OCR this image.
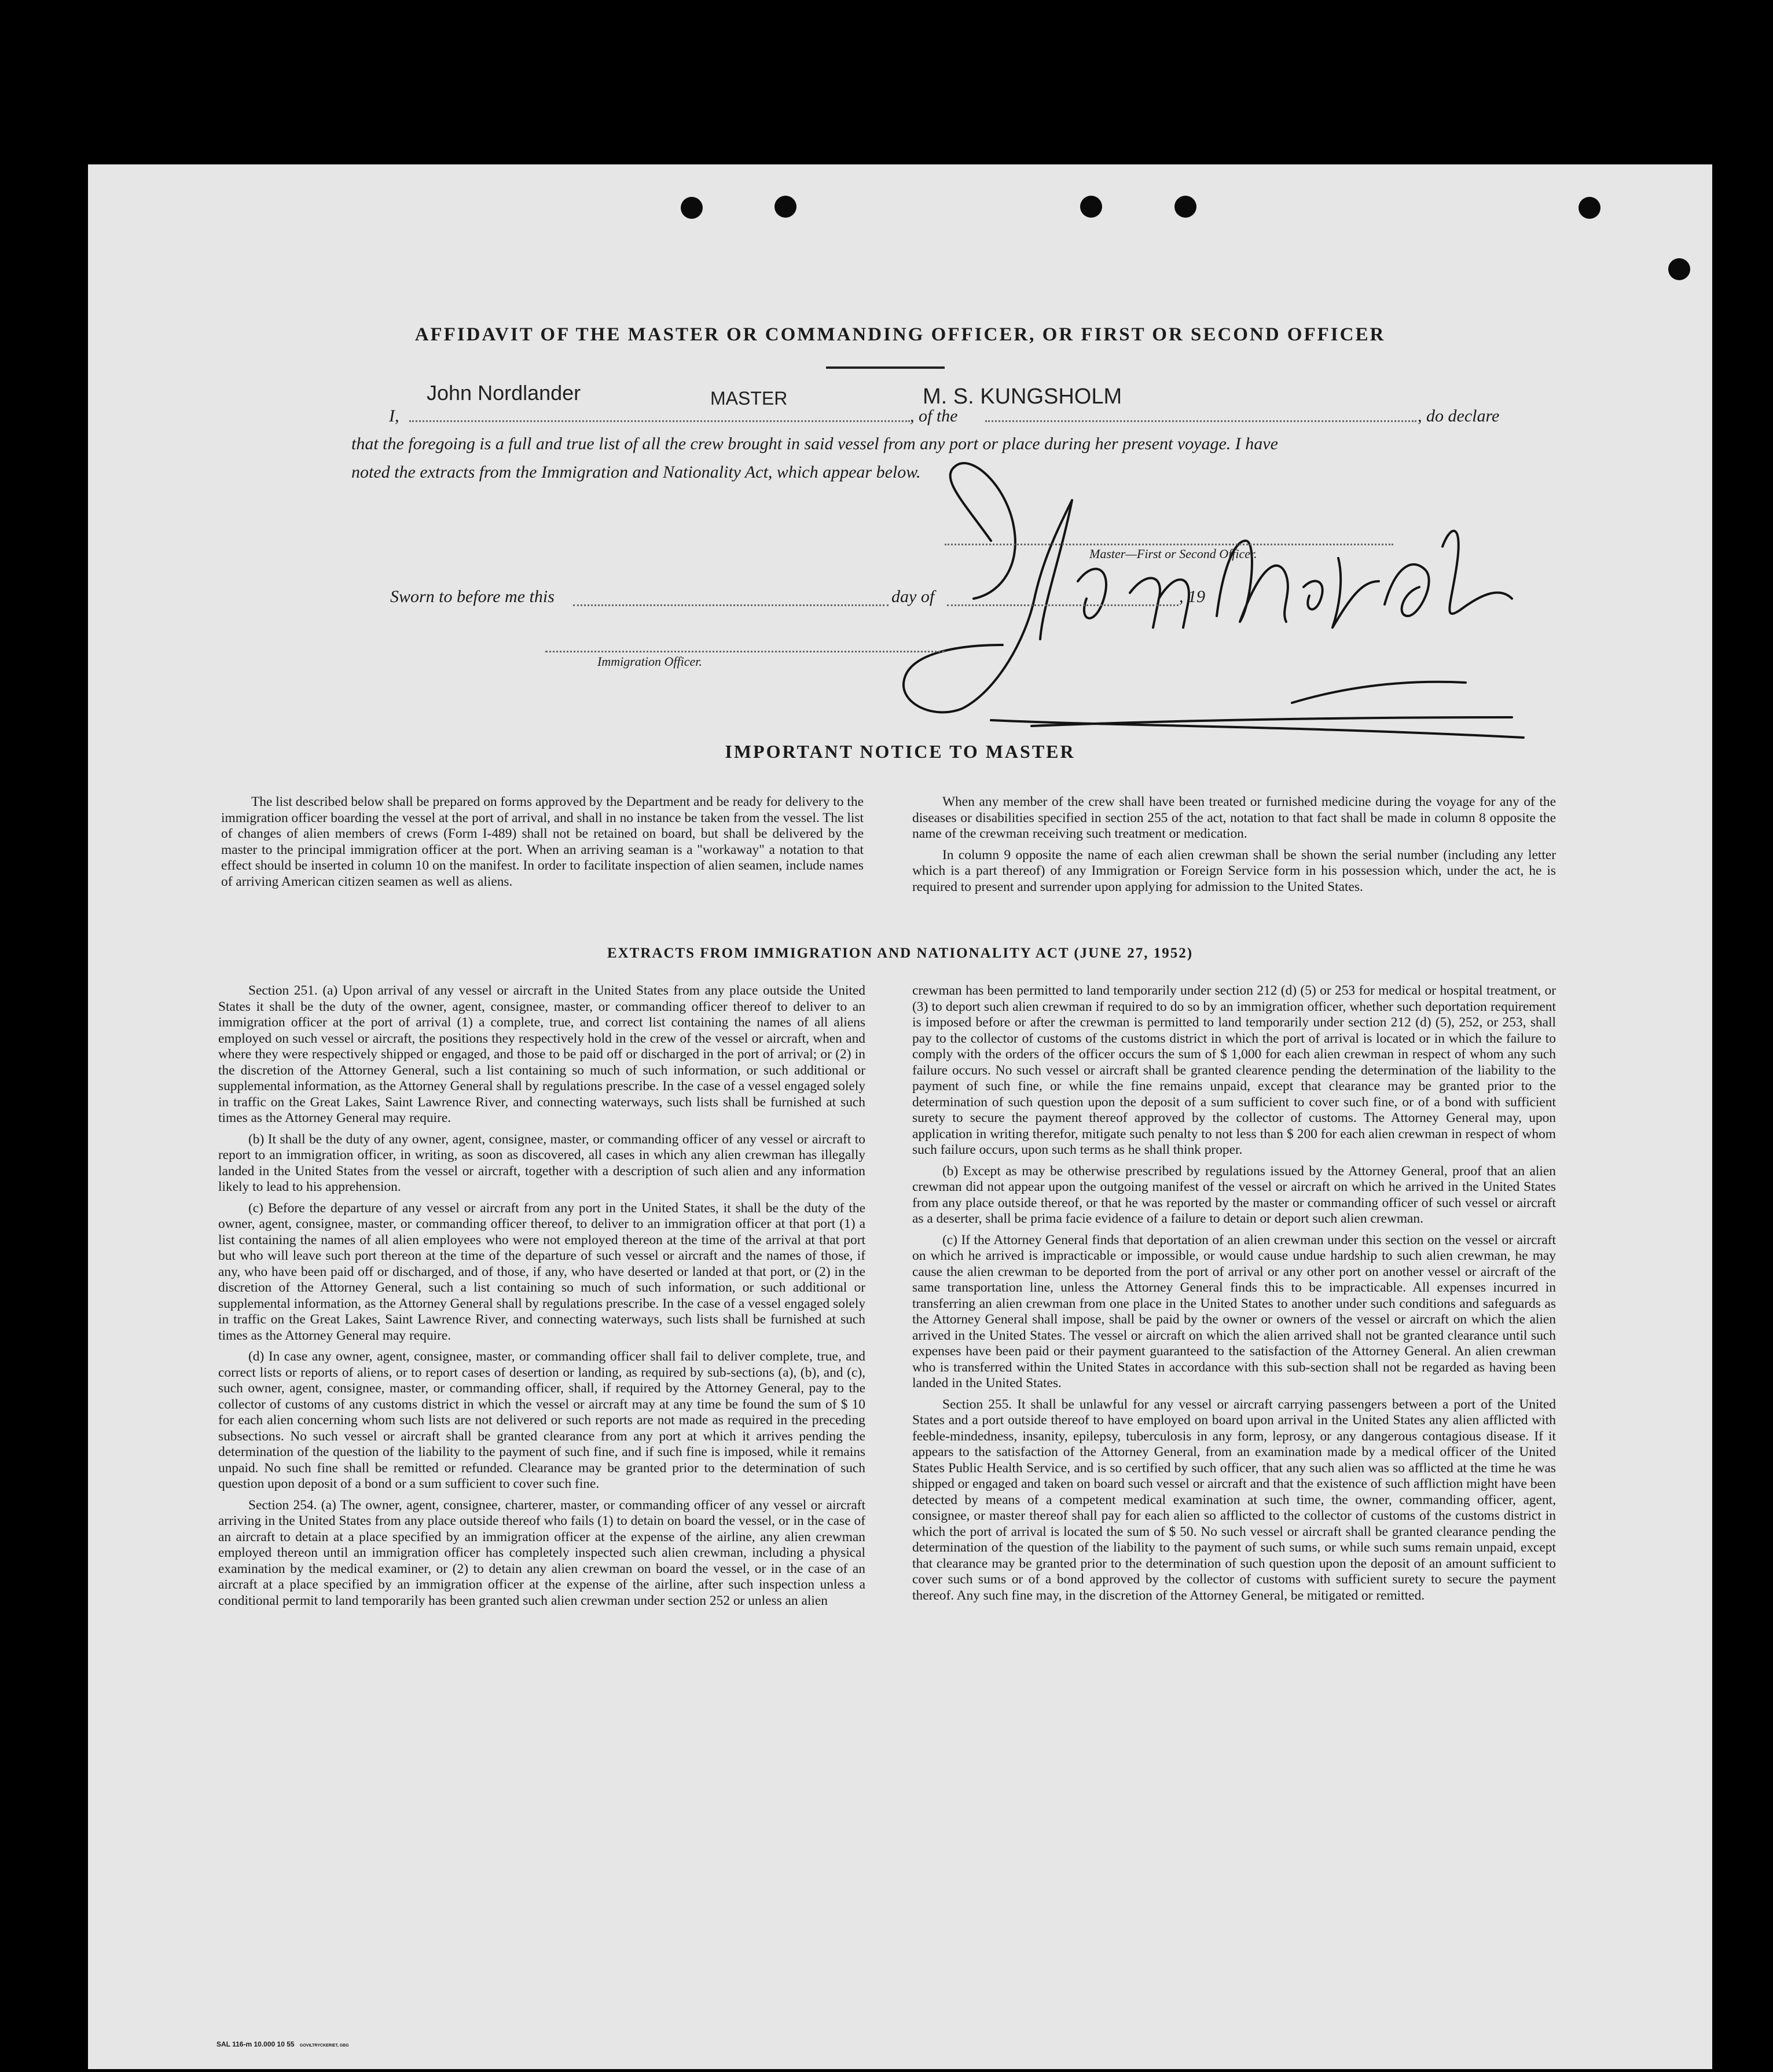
AFFIDAVIT OF THE MASTER OR COMMANDING OFFICER, OR FIRST OR SECOND OFFICER
I,
John Nordlander	MASTER
, of the
M. S. KUNGSHOLM
, do declare
that the foregoing is a full and true list of all the crew brought in said vessel from any port or place during her present voyage. I have
noted the extracts from the Immigration and Nationality Act, which appear below.
Master—First or Second Officer.
Sworn to before me this	day of	, 19
Immigration Officer.
IMPORTANT NOTICE TO MASTER

The list described below shall be prepared on forms approved by the Department and be ready for delivery to the immigration officer boarding the vessel at the port of arrival, and shall in no instance be taken from the vessel. The list of changes of alien members of crews (Form I-489) shall not be retained on board, but shall be delivered by the master to the principal immigration officer at the port. When an arriving seaman is a "workaway" a notation to that effect should be inserted in column 10 on the manifest. In order to facilitate inspection of alien seamen, include names of arriving American citizen seamen as well as aliens.

When any member of the crew shall have been treated or furnished medicine during the voyage for any of the diseases or disabilities specified in section 255 of the act, notation to that fact shall be made in column 8 opposite the name of the crewman receiving such treatment or medication.

In column 9 opposite the name of each alien crewman shall be shown the serial number (including any letter which is a part thereof) of any Immigration or Foreign Service form in his possession which, under the act, he is required to present and surrender upon applying for admission to the United States.

EXTRACTS FROM IMMIGRATION AND NATIONALITY ACT (JUNE 27, 1952)

Section 251. (a) Upon arrival of any vessel or aircraft in the United States from any place outside the United States it shall be the duty of the owner, agent, consignee, master, or commanding officer thereof to deliver to an immigration officer at the port of arrival (1) a complete, true, and correct list containing the names of all aliens employed on such vessel or aircraft, the positions they respectively hold in the crew of the vessel or aircraft, when and where they were respectively shipped or engaged, and those to be paid off or discharged in the port of arrival; or (2) in the discretion of the Attorney General, such a list containing so much of such information, or such additional or supplemental information, as the Attorney General shall by regulations prescribe. In the case of a vessel engaged solely in traffic on the Great Lakes, Saint Lawrence River, and connecting waterways, such lists shall be furnished at such times as the Attorney General may require.

(b) It shall be the duty of any owner, agent, consignee, master, or commanding officer of any vessel or aircraft to report to an immigration officer, in writing, as soon as discovered, all cases in which any alien crewman has illegally landed in the United States from the vessel or aircraft, together with a description of such alien and any information likely to lead to his apprehension.

(c) Before the departure of any vessel or aircraft from any port in the United States, it shall be the duty of the owner, agent, consignee, master, or commanding officer thereof, to deliver to an immigration officer at that port (1) a list containing the names of all alien employees who were not employed thereon at the time of the arrival at that port but who will leave such port thereon at the time of the departure of such vessel or aircraft and the names of those, if any, who have been paid off or discharged, and of those, if any, who have deserted or landed at that port, or (2) in the discretion of the Attorney General, such a list containing so much of such information, or such additional or supplemental information, as the Attorney General shall by regulations prescribe. In the case of a vessel engaged solely in traffic on the Great Lakes, Saint Lawrence River, and connecting waterways, such lists shall be furnished at such times as the Attorney General may require.

(d) In case any owner, agent, consignee, master, or commanding officer shall fail to deliver complete, true, and correct lists or reports of aliens, or to report cases of desertion or landing, as required by sub-sections (a), (b), and (c), such owner, agent, consignee, master, or commanding officer, shall, if required by the Attorney General, pay to the collector of customs of any customs district in which the vessel or aircraft may at any time be found the sum of $ 10 for each alien concerning whom such lists are not delivered or such reports are not made as required in the preceding subsections. No such vessel or aircraft shall be granted clearance from any port at which it arrives pending the determination of the question of the liability to the payment of such fine, and if such fine is imposed, while it remains unpaid. No such fine shall be remitted or refunded. Clearance may be granted prior to the determination of such question upon deposit of a bond or a sum sufficient to cover such fine.

Section 254. (a) The owner, agent, consignee, charterer, master, or commanding officer of any vessel or aircraft arriving in the United States from any place outside thereof who fails (1) to detain on board the vessel, or in the case of an aircraft to detain at a place specified by an immigration officer at the expense of the airline, any alien crewman employed thereon until an immigration officer has completely inspected such alien crewman, including a physical examination by the medical examiner, or (2) to detain any alien crewman on board the vessel, or in the case of an aircraft at a place specified by an immigration officer at the expense of the airline, after such inspection unless a conditional permit to land temporarily has been granted such alien crewman under section 252 or unless an alien

crewman has been permitted to land temporarily under section 212 (d) (5) or 253 for medical or hospital treatment, or (3) to deport such alien crewman if required to do so by an immigration officer, whether such deportation requirement is imposed before or after the crewman is permitted to land temporarily under section 212 (d) (5), 252, or 253, shall pay to the collector of customs of the customs district in which the port of arrival is located or in which the failure to comply with the orders of the officer occurs the sum of $ 1,000 for each alien crewman in respect of whom any such failure occurs. No such vessel or aircraft shall be granted clearence pending the determination of the liability to the payment of such fine, or while the fine remains unpaid, except that clearance may be granted prior to the determination of such question upon the deposit of a sum sufficient to cover such fine, or of a bond with sufficient surety to secure the payment thereof approved by the collector of customs. The Attorney General may, upon application in writing therefor, mitigate such penalty to not less than $ 200 for each alien crewman in respect of whom such failure occurs, upon such terms as he shall think proper.

(b) Except as may be otherwise prescribed by regulations issued by the Attorney General, proof that an alien crewman did not appear upon the outgoing manifest of the vessel or aircraft on which he arrived in the United States from any place outside thereof, or that he was reported by the master or commanding officer of such vessel or aircraft as a deserter, shall be prima facie evidence of a failure to detain or deport such alien crewman.

(c) If the Attorney General finds that deportation of an alien crewman under this section on the vessel or aircraft on which he arrived is impracticable or impossible, or would cause undue hardship to such alien crewman, he may cause the alien crewman to be deported from the port of arrival or any other port on another vessel or aircraft of the same transportation line, unless the Attorney General finds this to be impracticable. All expenses incurred in transferring an alien crewman from one place in the United States to another under such conditions and safeguards as the Attorney General shall impose, shall be paid by the owner or owners of the vessel or aircraft on which the alien arrived in the United States. The vessel or aircraft on which the alien arrived shall not be granted clearance until such expenses have been paid or their payment guaranteed to the satisfaction of the Attorney General. An alien crewman who is transferred within the United States in accordance with this sub-section shall not be regarded as having been landed in the United States.

Section 255. It shall be unlawful for any vessel or aircraft carrying passengers between a port of the United States and a port outside thereof to have employed on board upon arrival in the United States any alien afflicted with feeble-mindedness, insanity, epilepsy, tuberculosis in any form, leprosy, or any dangerous contagious disease. If it appears to the satisfaction of the Attorney General, from an examination made by a medical officer of the United States Public Health Service, and is so certified by such officer, that any such alien was so afflicted at the time he was shipped or engaged and taken on board such vessel or aircraft and that the existence of such affliction might have been detected by means of a competent medical examination at such time, the owner, commanding officer, agent, consignee, or master thereof shall pay for each alien so afflicted to the collector of customs of the customs district in which the port of arrival is located the sum of $ 50. No such vessel or aircraft shall be granted clearance pending the determination of the question of the liability to the payment of such sums, or while such sums remain unpaid, except that clearance may be granted prior to the determination of such question upon the deposit of an amount sufficient to cover such sums or of a bond approved by the collector of customs with sufficient surety to secure the payment thereof. Any such fine may, in the discretion of the Attorney General, be mitigated or remitted.

SAL 116-m 10.000 10 55 GOVILTRYCKERIET, GBG
